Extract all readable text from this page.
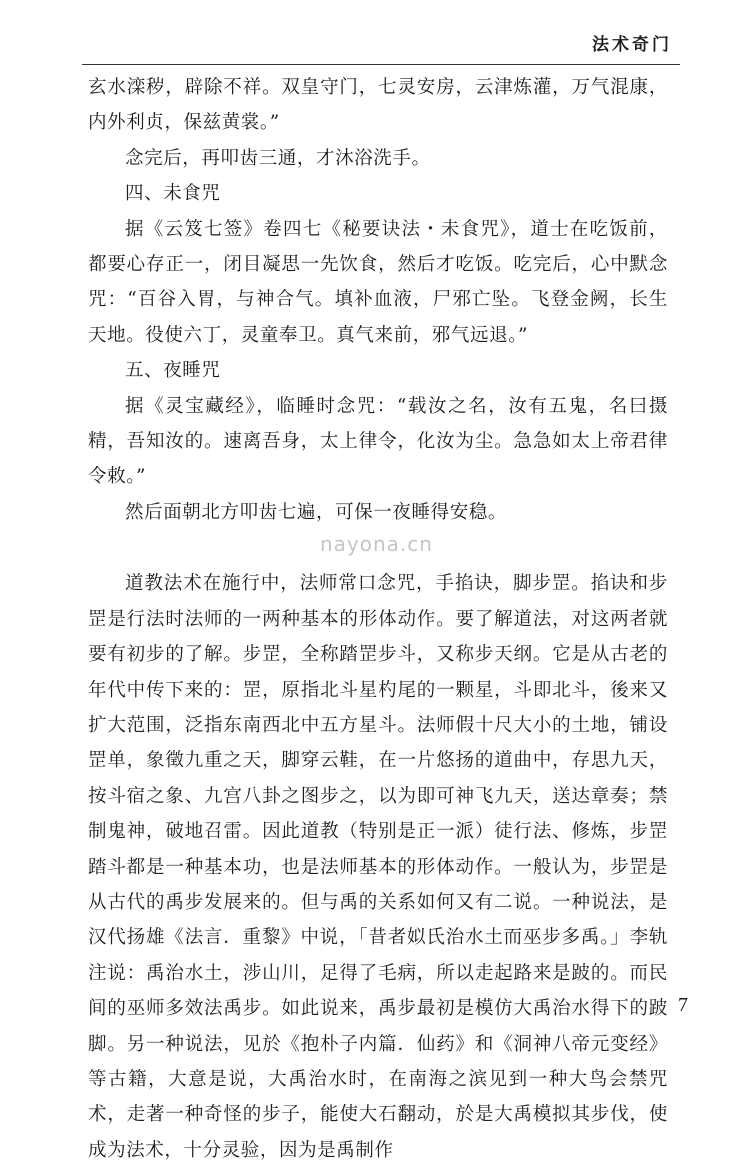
法术奇门

玄水滦秽，辟除不祥。双皇守门，七灵安房，云津炼灌，万气混康，内外利贞，保兹黄裳。”

念完后，再叩齿三通，才沐浴洗手。

四、未食咒

据《云笈七签》卷四七《秘要诀法・未食咒》，道士在吃饭前，都要心存正一，闭目凝思一先饮食，然后才吃饭。吃完后，心中默念咒：“百谷入胃，与神合气。填补血液，尸邪亡坠。飞登金阙，长生天地。役使六丁，灵童奉卫。真气来前，邪气远退。”

五、夜睡咒

据《灵宝藏经》，临睡时念咒：“载汝之名，汝有五鬼，名曰摄精，吾知汝的。速离吾身，太上律令，化汝为尘。急急如太上帝君律令敕。”

然后面朝北方叩齿七遍，可保一夜睡得安稳。

道教法术在施行中，法师常口念咒，手掐诀，脚步罡。掐诀和步罡是行法时法师的一两种基本的形体动作。要了解道法，对这两者就要有初步的了解。步罡，全称踏罡步斗，又称步天纲。它是从古老的年代中传下来的：罡，原指北斗星杓尾的一颗星，斗即北斗，後来又扩大范围，泛指东南西北中五方星斗。法师假十尺大小的土地，铺设罡单，象徵九重之天，脚穿云鞋，在一片悠扬的道曲中，存思九天，按斗宿之象、九宫八卦之图步之，以为即可神飞九天，送达章奏；禁制鬼神，破地召雷。因此道教（特别是正一派）徒行法、修炼，步罡踏斗都是一种基本功，也是法师基本的形体动作。一般认为，步罡是从古代的禹步发展来的。但与禹的关系如何又有二说。一种说法，是汉代扬雄《法言．重黎》中说，「昔者姒氏治水土而巫步多禹。」李轨注说：禹治水土，涉山川，足得了毛病，所以走起路来是跛的。而民间的巫师多效法禹步。如此说来，禹步最初是模仿大禹治水得下的跛脚。另一种说法，见於《抱朴子内篇．仙药》和《洞神八帝元变经》等古籍，大意是说，大禹治水时，在南海之滨见到一种大鸟会禁咒术，走著一种奇怪的步子，能使大石翻动，於是大禹模拟其步伐，使成为法术，十分灵验，因为是禹制作

nayona.cn
7
